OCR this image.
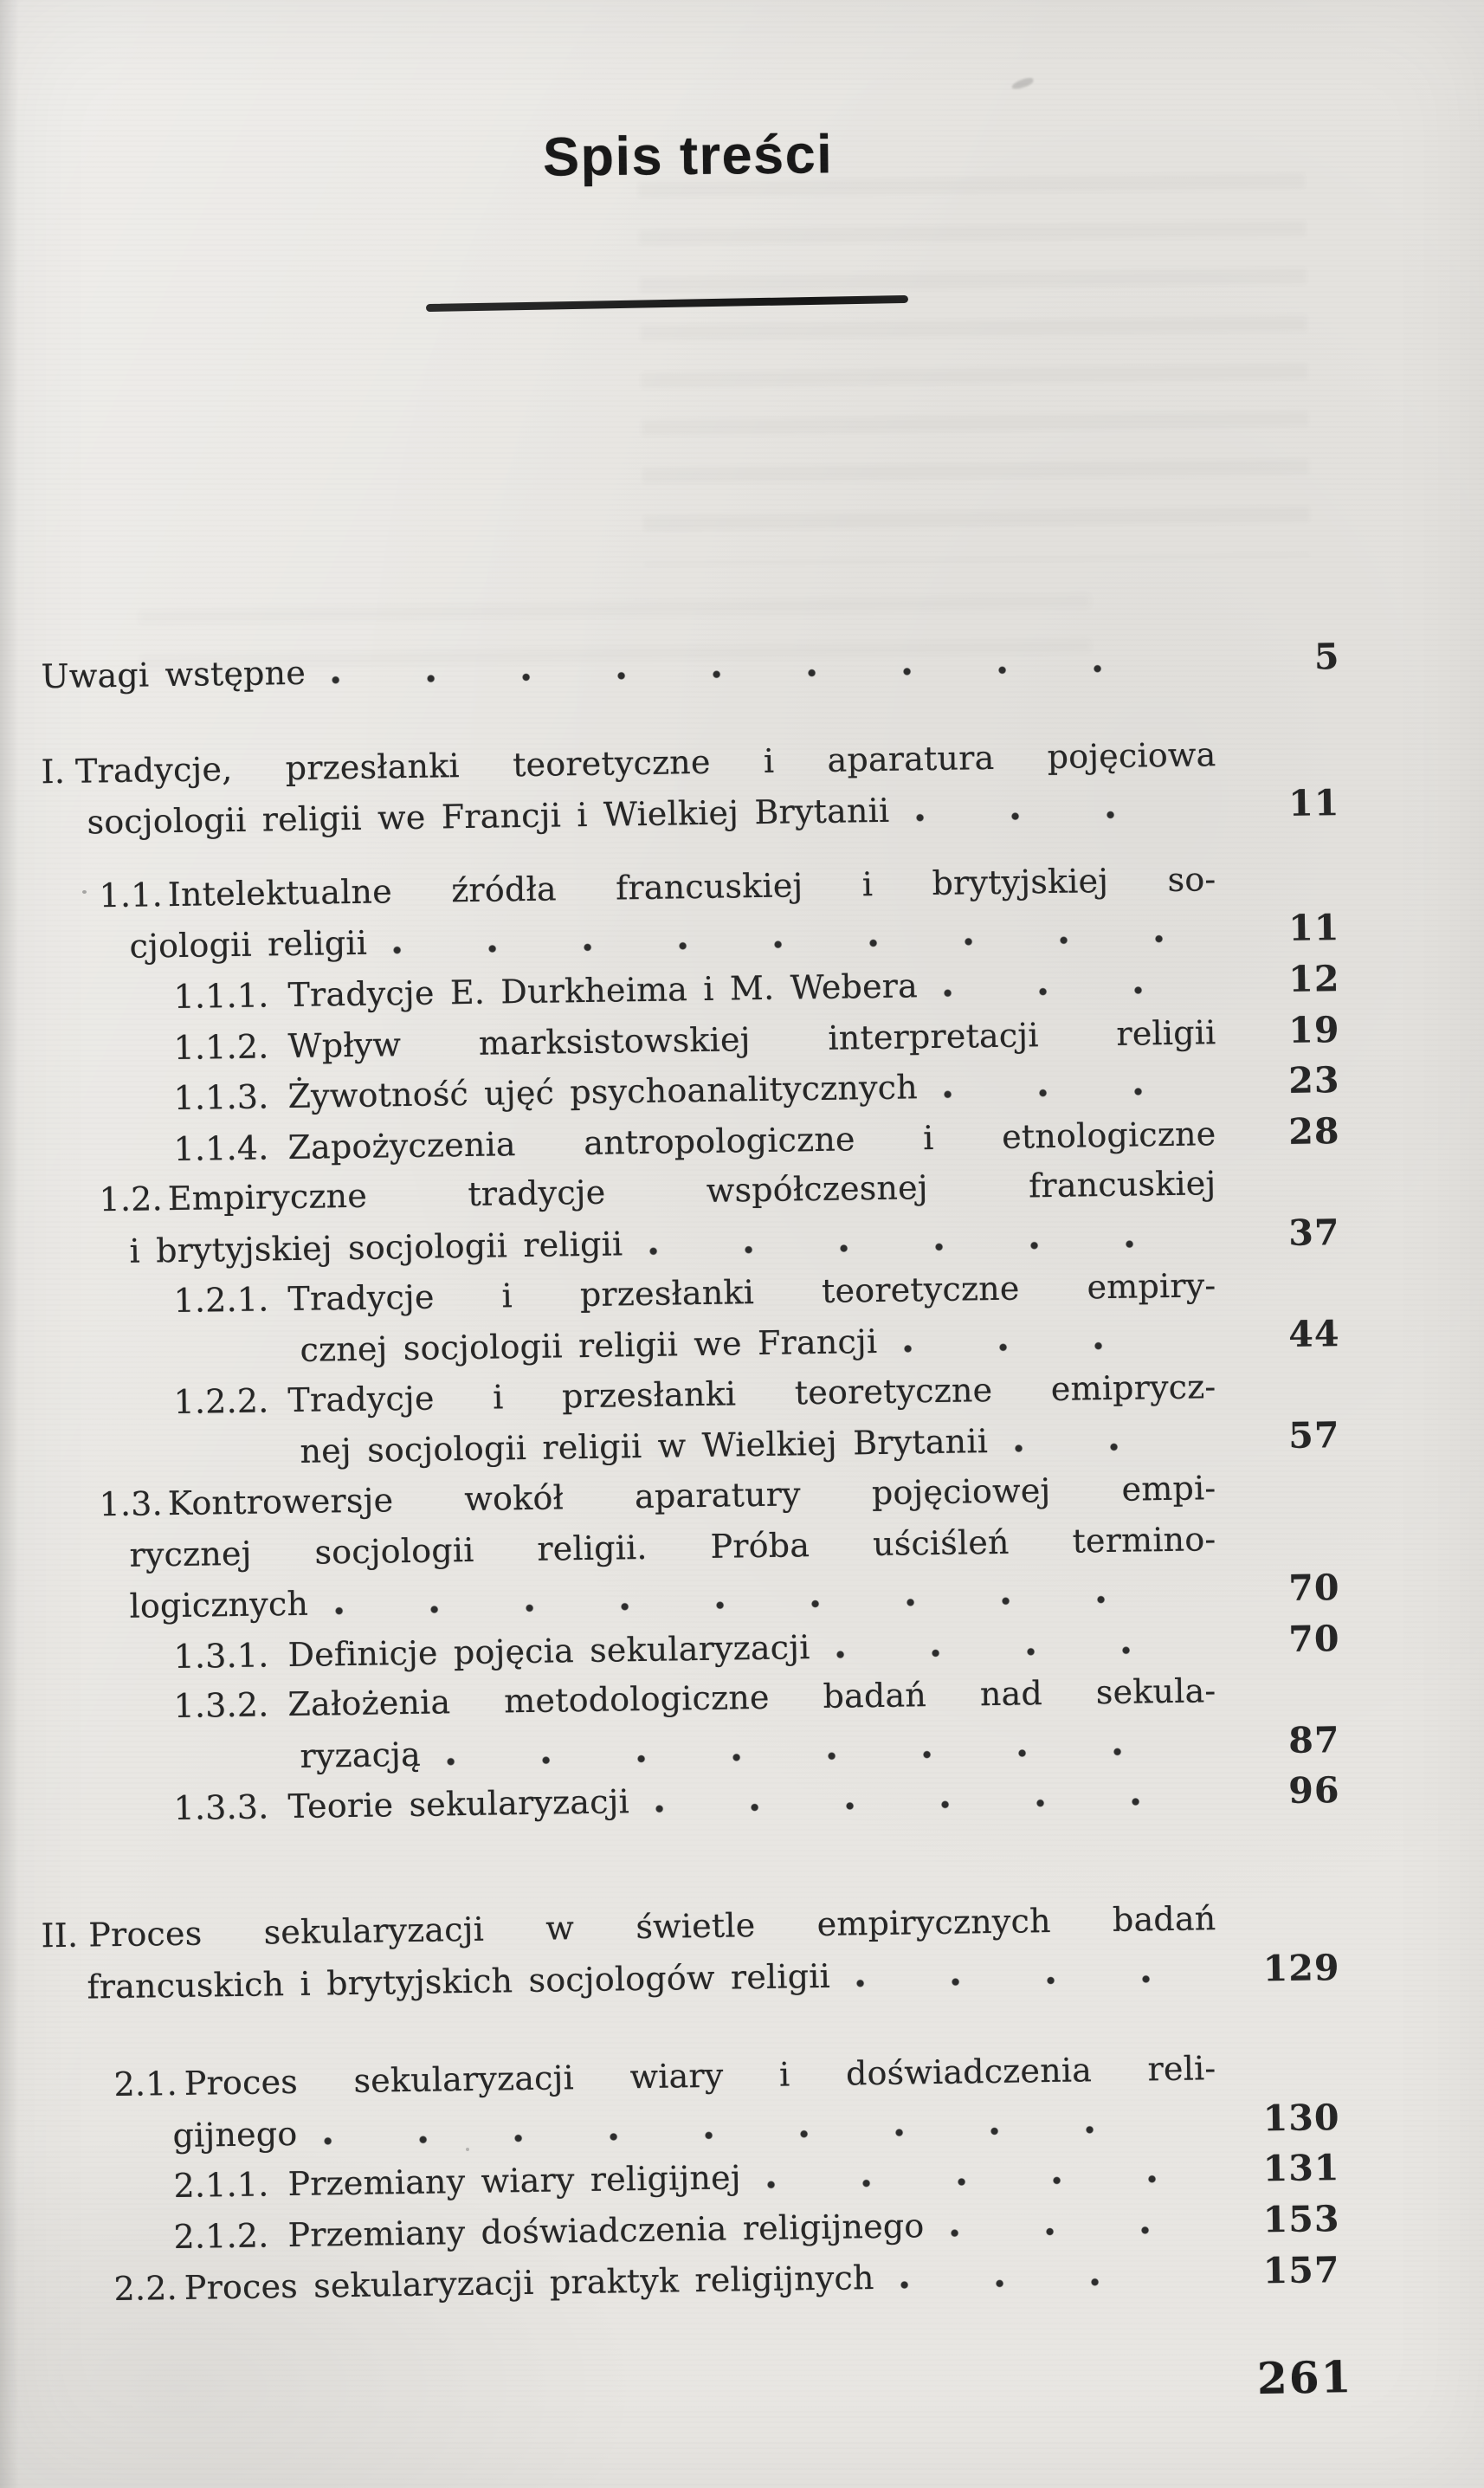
Spis treści
Uwagi wstępne	5
I. Tradycje, przesłanki teoretyczne i aparatura pojęciowa
socjologii religii we Francji i Wielkiej Brytanii	11
1.1. Intelektualne źródła francuskiej i brytyjskiej so-
cjologii religii	11
1.1.1. Tradycje E. Durkheima i M. Webera	12
1.1.2. Wpływ marksistowskiej interpretacji religii	19
1.1.3. Żywotność ujęć psychoanalitycznych	23
1.1.4. Zapożyczenia antropologiczne i etnologiczne	28
1.2. Empiryczne tradycje współczesnej francuskiej
i brytyjskiej socjologii religii	37
1.2.1. Tradycje i przesłanki teoretyczne empiry-
cznej socjologii religii we Francji	44
1.2.2. Tradycje i przesłanki teoretyczne emiprycz-
nej socjologii religii w Wielkiej Brytanii	57
1.3. Kontrowersje wokół aparatury pojęciowej empi-
rycznej socjologii religii. Próba uściśleń termino-
logicznych	70
1.3.1. Definicje pojęcia sekularyzacji	70
1.3.2. Założenia metodologiczne badań nad sekula-
ryzacją	87
1.3.3. Teorie sekularyzacji	96
II. Proces sekularyzacji w świetle empirycznych badań
francuskich i brytyjskich socjologów religii	129
2.1. Proces sekularyzacji wiary i doświadczenia reli-
gijnego	130
2.1.1. Przemiany wiary religijnej	131
2.1.2. Przemiany doświadczenia religijnego	153
2.2. Proces sekularyzacji praktyk religijnych	157
261
